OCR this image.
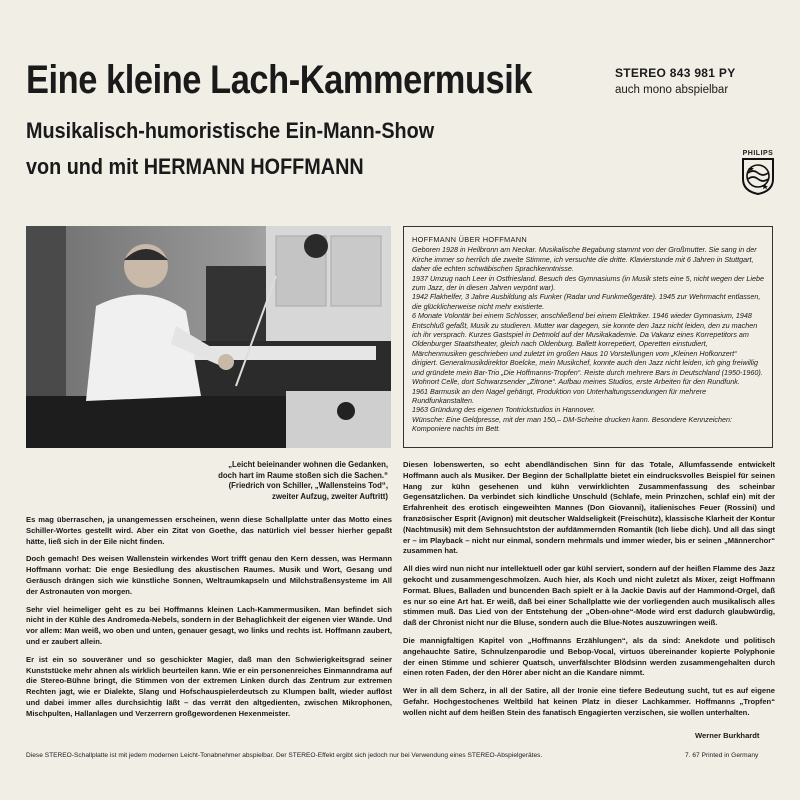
Eine kleine Lach-Kammermusik
Musikalisch-humoristische Ein-Mann-Show
von und mit HERMANN HOFFMANN
STEREO 843 981 PY
auch mono abspielbar
PHILIPS

HOFFMANN ÜBER HOFFMANN

Geboren 1928 in Heilbronn am Neckar. Musikalische Begabung stammt von der Großmutter. Sie sang in der Kirche immer so herrlich die zweite Stimme, ich versuchte die dritte. Klavierstunde mit 6 Jahren in Stuttgart, daher die echten schwäbischen Sprachkenntnisse.

1937 Umzug nach Leer in Ostfriesland. Besuch des Gymnasiums (in Musik stets eine 5, nicht wegen der Liebe zum Jazz, der in diesen Jahren verpönt war).

1942 Flakhelfer, 3 Jahre Ausbildung als Funker (Radar und Funkmeßgeräte). 1945 zur Wehrmacht entlassen, die glücklicherweise nicht mehr existierte.

6 Monate Volontär bei einem Schlosser, anschließend bei einem Elektriker. 1946 wieder Gymnasium, 1948 Entschluß gefaßt, Musik zu studieren. Mutter war dagegen, sie konnte den Jazz nicht leiden, den zu machen ich ihr versprach. Kurzes Gastspiel in Detmold auf der Musikakademie. Da Vakanz eines Korrepetitors am Oldenburger Staatstheater, gleich nach Oldenburg. Ballett korrepetiert, Operetten einstudiert, Märchenmusiken geschrieben und zuletzt im großen Haus 10 Vorstellungen vom „Kleinen Hofkonzert“ dirigiert. Generalmusikdirektor Boelcke, mein Musikchef, konnte auch den Jazz nicht leiden, ich ging freiwillig und gründete mein Bar-Trio „Die Hoffmanns-Tropfen“. Reiste durch mehrere Bars in Deutschland (1950-1960). Wohnort Celle, dort Schwarzsender „Zitrone“. Aufbau meines Studios, erste Arbeiten für den Rundfunk.

1961 Barmusik an den Nagel gehängt, Produktion von Unterhaltungssendungen für mehrere Rundfunkanstalten.

1963 Gründung des eigenen Tontrickstudios in Hannover.

Wünsche: Eine Geldpresse, mit der man 150,– DM-Scheine drucken kann. Besondere Kennzeichen: Komponiere nachts im Bett.

„Leicht beieinander wohnen die Gedanken,

doch hart im Raume stoßen sich die Sachen.“

(Friedrich von Schiller, „Wallensteins Tod“,

zweiter Aufzug, zweiter Auftritt)

Es mag überraschen, ja unangemessen erscheinen, wenn diese Schallplatte unter das Motto eines Schiller-Wortes gestellt wird. Aber ein Zitat von Goethe, das natürlich viel besser hierher gepaßt hätte, ließ sich in der Eile nicht finden.

Doch gemach! Des weisen Wallenstein wirkendes Wort trifft genau den Kern dessen, was Hermann Hoffmann vorhat: Die enge Besiedlung des akustischen Raumes. Musik und Wort, Gesang und Geräusch drängen sich wie künstliche Sonnen, Weltraumkapseln und Milchstraßensysteme im All der Astronauten von morgen.

Sehr viel heimeliger geht es zu bei Hoffmanns kleinen Lach-Kammermusiken. Man befindet sich nicht in der Kühle des Andromeda-Nebels, sondern in der Behaglichkeit der eigenen vier Wände. Und vor allem: Man weiß, wo oben und unten, genauer gesagt, wo links und rechts ist. Hoffmann zaubert, und er zaubert allein.

Er ist ein so souveräner und so geschickter Magier, daß man den Schwierigkeitsgrad seiner Kunststücke mehr ahnen als wirklich beurteilen kann. Wie er ein personenreiches Einmanndrama auf die Stereo-Bühne bringt, die Stimmen von der extremen Linken durch das Zentrum zur extremen Rechten jagt, wie er Dialekte, Slang und Hofschauspielerdeutsch zu Klumpen ballt, wieder auflöst und dabei immer alles durchsichtig läßt – das verrät den altgedienten, zwischen Mikrophonen, Mischpulten, Hallanlagen und Verzerrern großgewordenen Hexenmeister.

Diesen lobenswerten, so echt abendländischen Sinn für das Totale, Allumfassende entwickelt Hoffmann auch als Musiker. Der Beginn der Schallplatte bietet ein eindrucksvolles Beispiel für seinen Hang zur kühn gesehenen und kühn verwirklichten Zusammenfassung des scheinbar Gegensätzlichen. Da verbindet sich kindliche Unschuld (Schlafe, mein Prinzchen, schlaf ein) mit der Erfahrenheit des erotisch eingeweihten Mannes (Don Giovanni), italienisches Feuer (Rossini) und französischer Esprit (Avignon) mit deutscher Waldseligkeit (Freischütz), klassische Klarheit der Kontur (Nachtmusik) mit dem Sehnsuchtston der aufdämmernden Romantik (Ich liebe dich). Und all das singt er – im Playback – nicht nur einmal, sondern mehrmals und immer wieder, bis er seinen „Männerchor“ zusammen hat.

All dies wird nun nicht nur intellektuell oder gar kühl serviert, sondern auf der heißen Flamme des Jazz gekocht und zusammengeschmolzen. Auch hier, als Koch und nicht zuletzt als Mixer, zeigt Hoffmann Format. Blues, Balladen und buncenden Bach spielt er à la Jackie Davis auf der Hammond-Orgel, daß es nur so eine Art hat. Er weiß, daß bei einer Schallplatte wie der vorliegenden auch musikalisch alles stimmen muß. Das Lied von der Entstehung der „Oben-ohne“-Mode wird erst dadurch glaubwürdig, daß der Chronist nicht nur die Bluse, sondern auch die Blue-Notes auszuwringen weiß.

Die mannigfaltigen Kapitel von „Hoffmanns Erzählungen“, als da sind: Anekdote und politisch angehauchte Satire, Schnulzenparodie und Bebop-Vocal, virtuos übereinander kopierte Polyphonie der einen Stimme und schierer Quatsch, unverfälschter Blödsinn werden zusammengehalten durch einen roten Faden, der den Hörer aber nicht an die Kandare nimmt.

Wer in all dem Scherz, in all der Satire, all der Ironie eine tiefere Bedeutung sucht, tut es auf eigene Gefahr. Hochgestochenes Weltbild hat keinen Platz in dieser Lachkammer. Hoffmanns „Tropfen“ wollen nicht auf dem heißen Stein des fanatisch Engagierten verzischen, sie wollen unterhalten.

Werner Burkhardt
Diese STEREO-Schallplatte ist mit jedem modernen Leicht-Tonabnehmer abspielbar. Der STEREO-Effekt ergibt sich jedoch nur bei Verwendung eines STEREO-Abspielgerätes.	7. 67 Printed in Germany
